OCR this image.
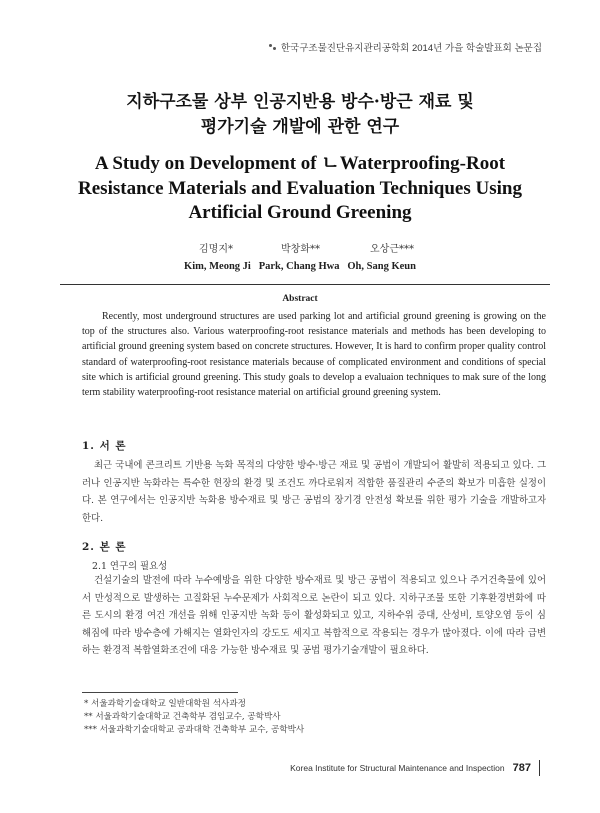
한국구조물진단유지관리공학회 2014년 가을 학술발표회 논문집
지하구조물 상부 인공지반용 방수·방근 재료 및
평가기술 개발에 관한 연구
A Study on Development of ㄴWaterproofing-Root
Resistance Materials and Evaluation Techniques Using
Artificial Ground Greening
김명지*	박창화**	오상근***
Kim, Meong Ji   Park, Chang Hwa   Oh, Sang Keun
Abstract
Recently, most underground structures are used parking lot and artificial ground greening is growing on the top of the structures also. Various waterproofing-root resistance materials and methods has been developing to artificial ground greening system based on concrete structures. However, It is hard to confirm proper quality control standard of waterproofing-root resistance materials because of complicated environment and conditions of special site which is artificial ground greening. This study goals to develop a evaluaion techniques to mak sure of the long term stability waterproofing-root resistance material on artificial ground greening system.
1. 서 론
최근 국내에 콘크리트 기반용 녹화 목적의 다양한 방수·방근 재료 및 공법이 개발되어 활발히 적용되고 있다. 그러나 인공지반 녹화라는 특수한 현장의 환경 및 조건도 까다로워저 적합한 품질관리 수준의 확보가 미흡한 실정이다. 본 연구에서는 인공지반 녹화용 방수재료 및 방근 공법의 장기경 안전성 확보를 위한 평가 기술을 개발하고자 한다.
2. 본 론
2.1 연구의 필요성
건설기술의 발전에 따라 누수예방을 위한 다양한 방수재료 및 방근 공법이 적용되고 있으나 주거건축물에 있어서 만성적으로 발생하는 고질화된 누수문제가 사회적으로 논란이 되고 있다. 지하구조물 또한 기후환경변화에 따른 도시의 환경 여건 개선을 위해 인공지반 녹화 등이 활성화되고 있고, 지하수위 증대, 산성비, 토양오염 등이 심해짐에 따라 방수층에 가해지는 열화인자의 강도도 세지고 복합적으로 작용되는 경우가 많아졌다. 이에 따라 급변하는 환경적 복합열화조건에 대응 가능한 방수재료 및 공법 평가기술개발이 필요하다.
* 서울과학기술대학교 일반대학원 석사과정
** 서울과학기술대학교 건축학부 겸임교수, 공학박사
*** 서울과학기술대학교 공과대학 건축학부 교수, 공학박사
Korea Institute for Structural Maintenance and Inspection 787
